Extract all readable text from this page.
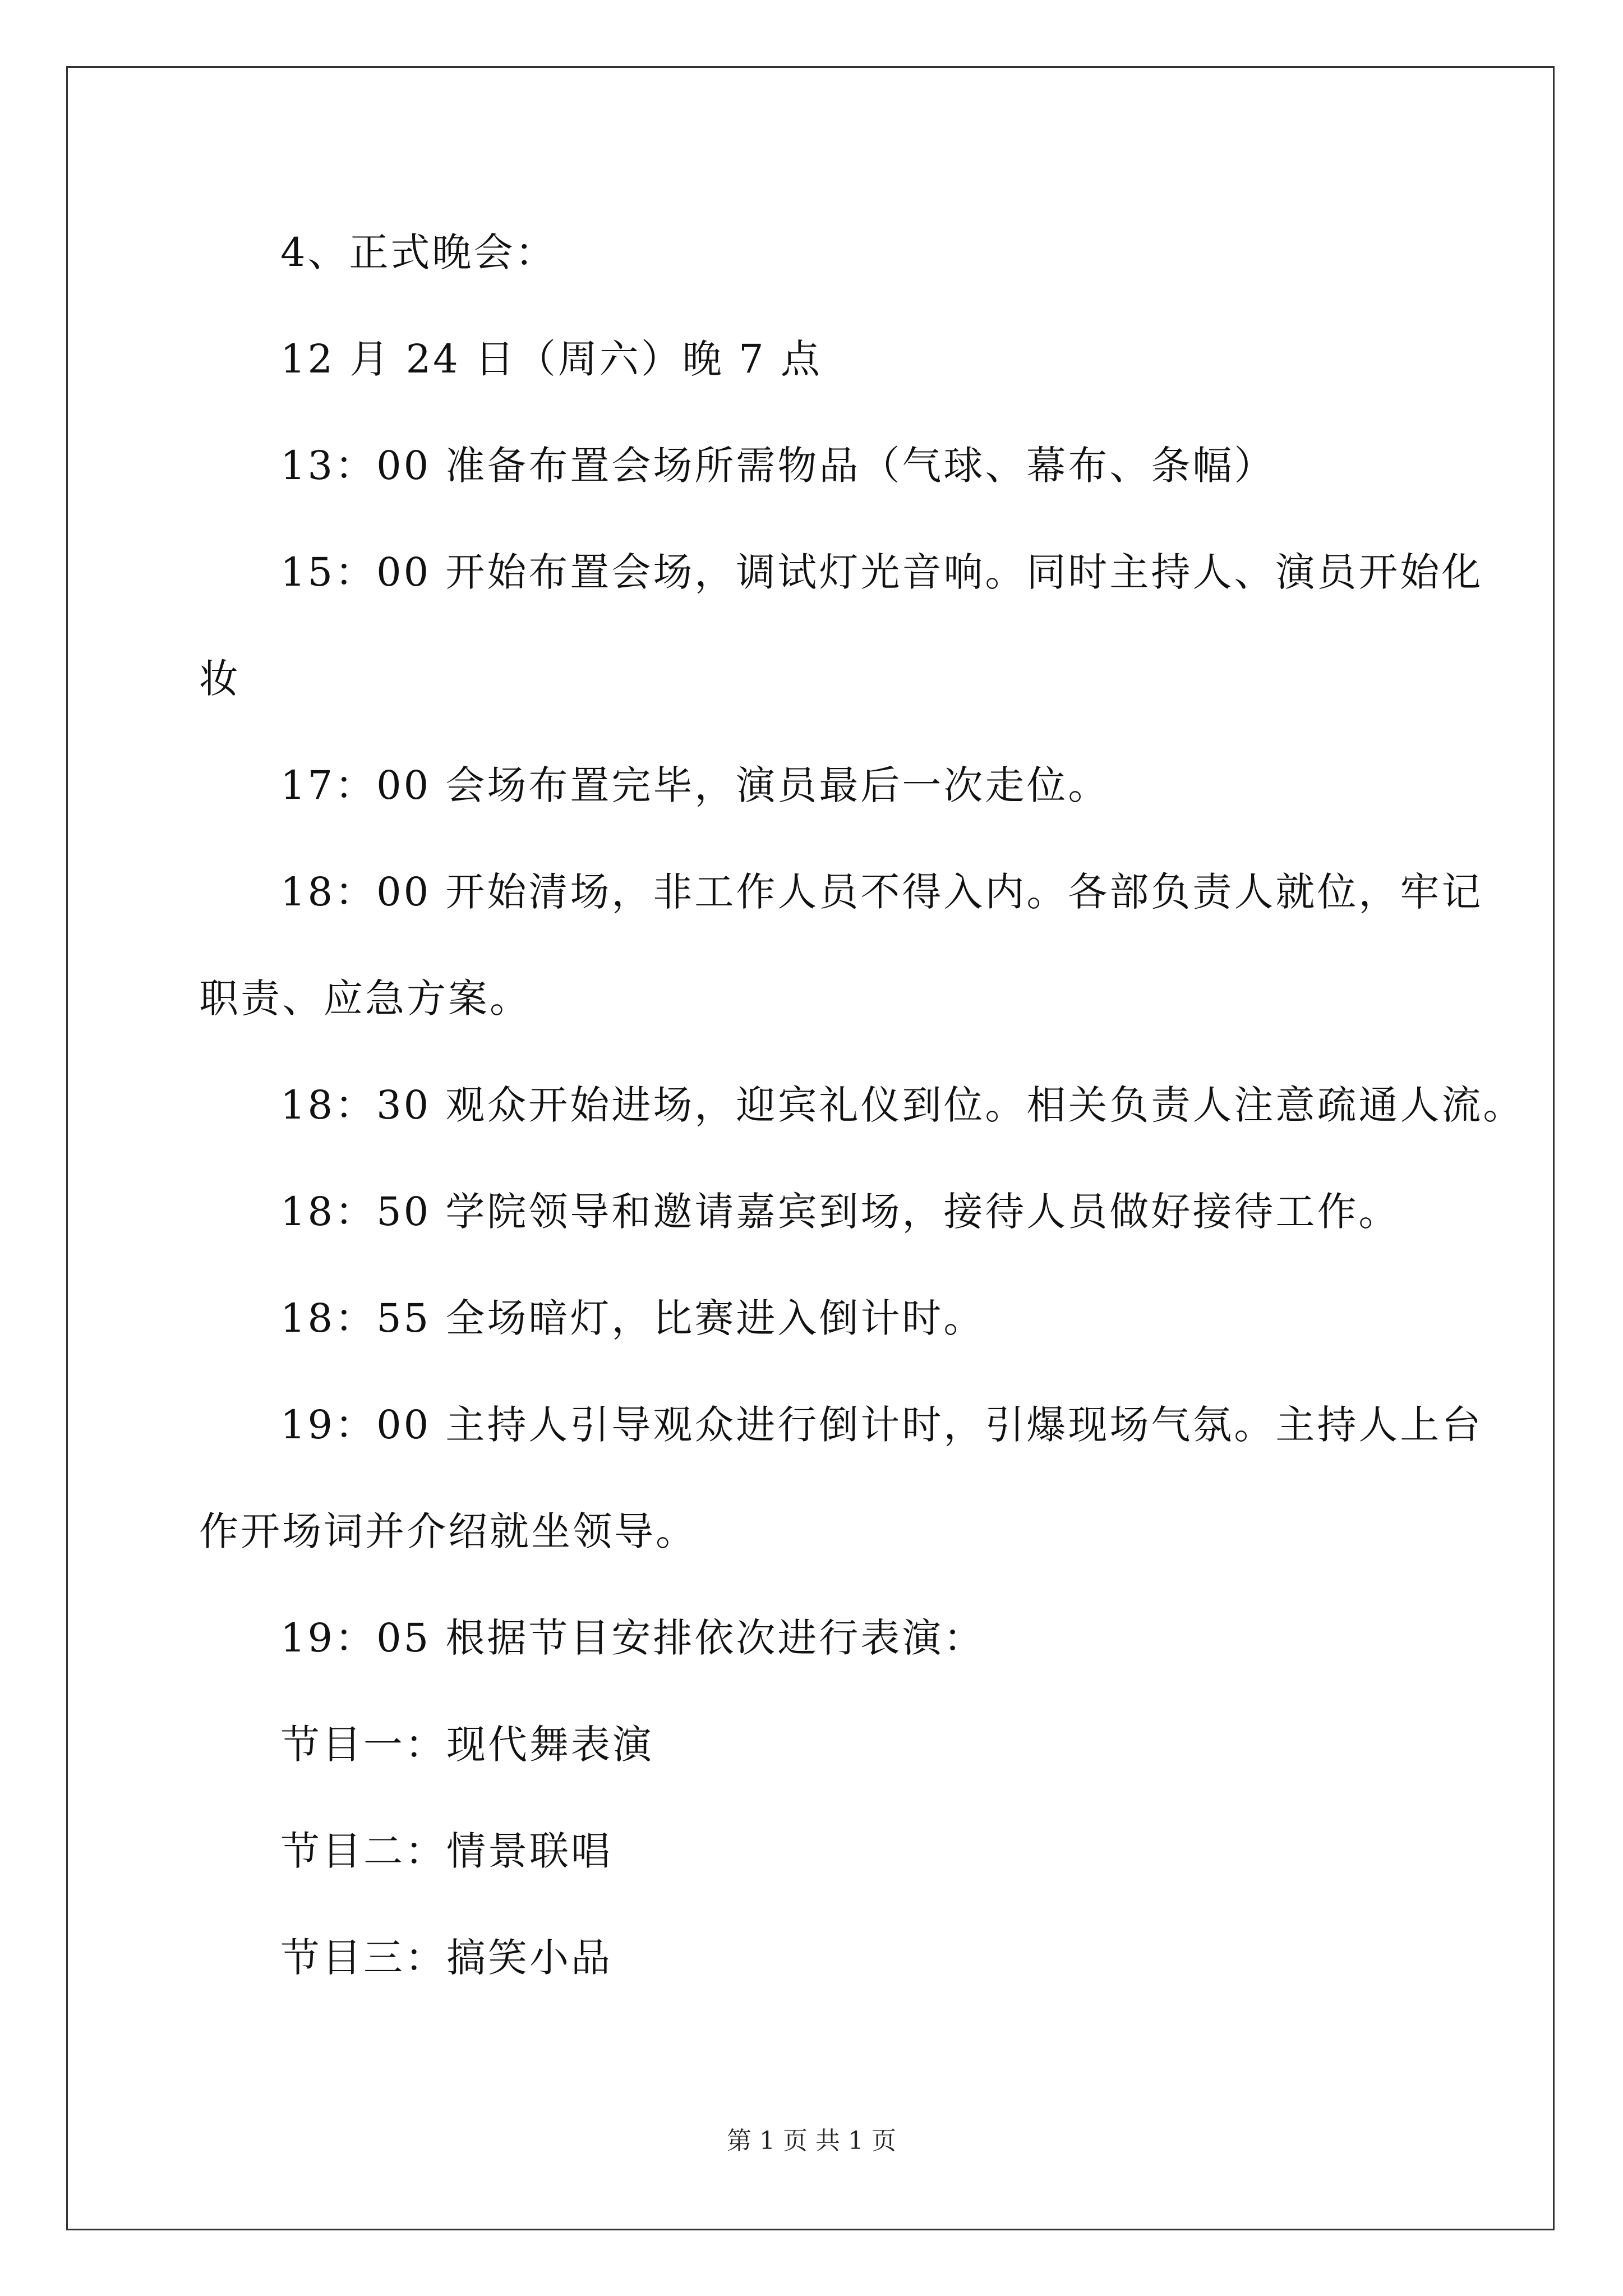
4、正式晚会：
12 月 24 日（周六）晚 7 点
13：00 准备布置会场所需物品（气球、幕布、条幅）
15：00 开始布置会场，调试灯光音响。同时主持人、演员开始化
妆
17：00 会场布置完毕，演员最后一次走位。
18：00 开始清场，非工作人员不得入内。各部负责人就位，牢记
职责、应急方案。
18：30 观众开始进场，迎宾礼仪到位。相关负责人注意疏通人流。
18：50 学院领导和邀请嘉宾到场，接待人员做好接待工作。
18：55 全场暗灯，比赛进入倒计时。
19：00 主持人引导观众进行倒计时，引爆现场气氛。主持人上台
作开场词并介绍就坐领导。
19：05 根据节目安排依次进行表演：
节目一：现代舞表演
节目二：情景联唱
节目三：搞笑小品
第 1 页 共 1 页
